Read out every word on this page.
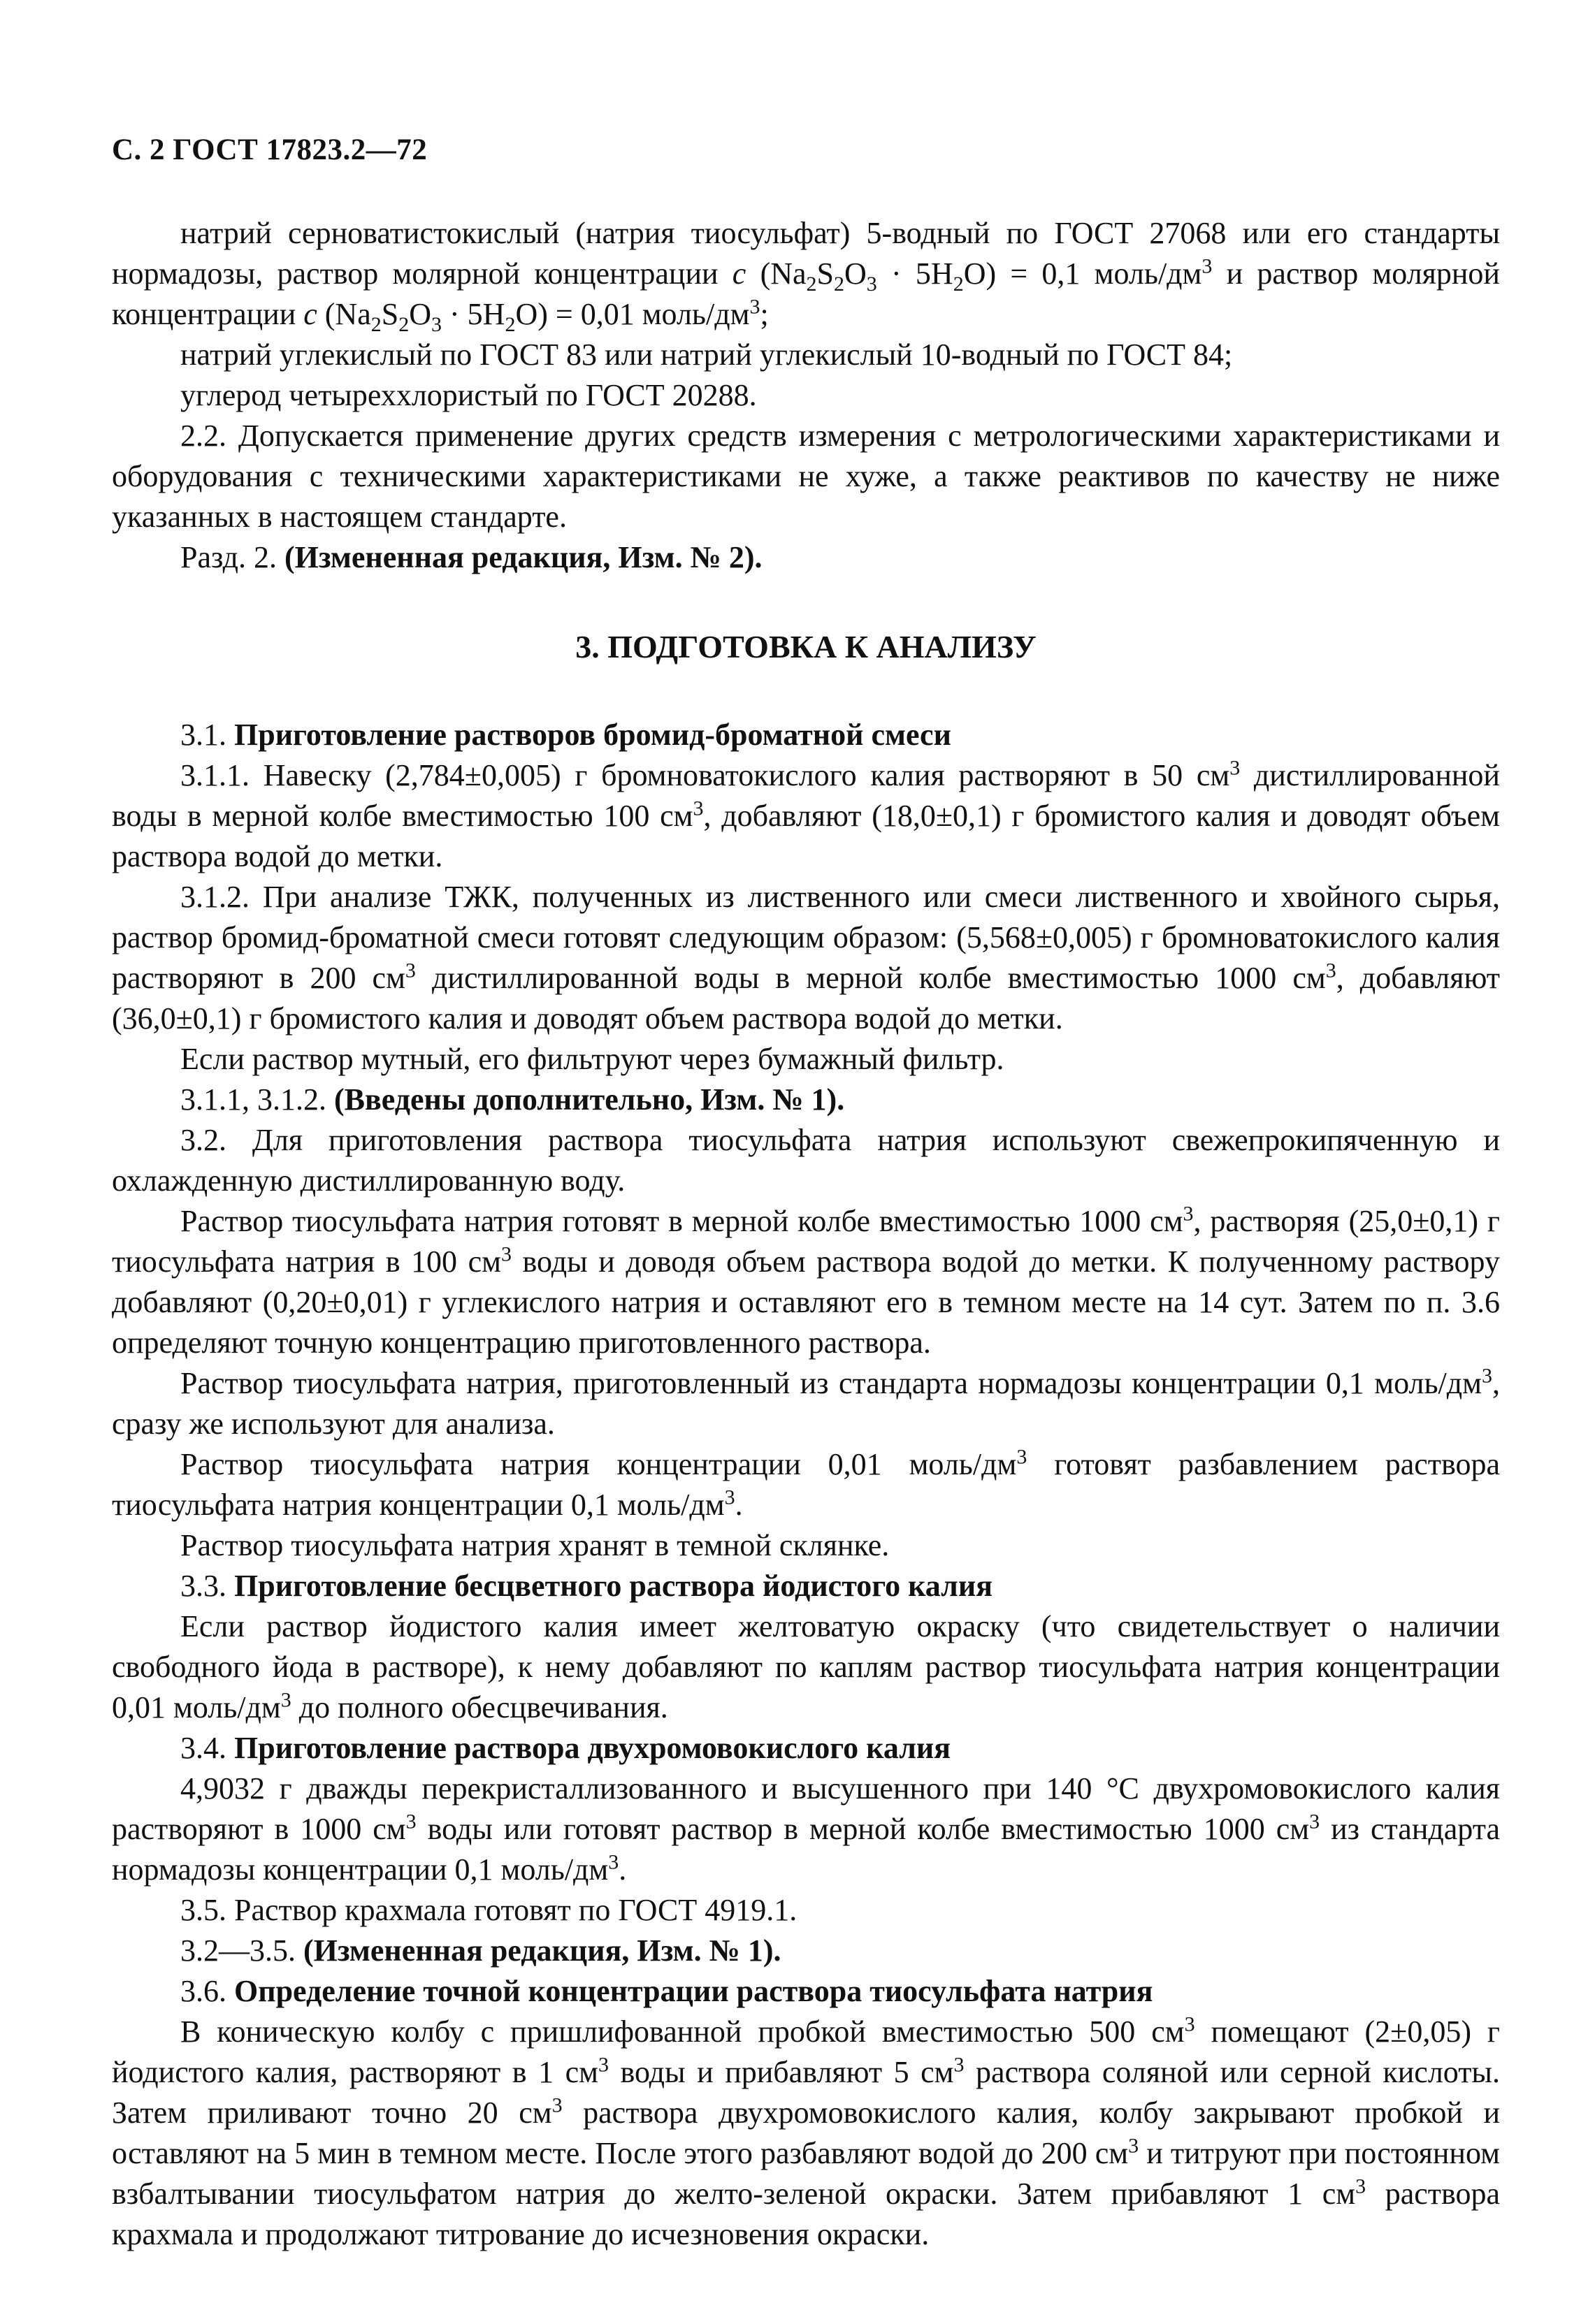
С. 2 ГОСТ 17823.2—72

натрий серноватистокислый (натрия тиосульфат) 5-водный по ГОСТ 27068 или его стандарты нормадозы, раствор молярной концентрации c $(Na_2S_2O_3 \cdot 5H_2O) = 0,1$ моль/$дм^3$ и раствор молярной концентрации c $(Na_2S_2O_3 \cdot 5H_2O) = 0,01$ моль/$дм^3$;

натрий углекислый по ГОСТ 83 или натрий углекислый 10-водный по ГОСТ 84;

углерод четыреххлористый по ГОСТ 20288.

2.2. Допускается применение других средств измерения с метрологическими характеристиками и оборудования с техническими характеристиками не хуже, а также реактивов по качеству не ниже указанных в настоящем стандарте.

Разд. 2. (Измененная редакция, Изм. № 2).

3. ПОДГОТОВКА К АНАЛИЗУ

3.1. Приготовление растворов бромид-броматной смеси

3.1.1. Навеску (2,784±0,005) г бромноватокислого калия растворяют в 50 $см^3$ дистиллированной воды в мерной колбе вместимостью 100 $см^3$, добавляют (18,0±0,1) г бромистого калия и доводят объем раствора водой до метки.

3.1.2. При анализе ТЖК, полученных из лиственного или смеси лиственного и хвойного сырья, раствор бромид-броматной смеси готовят следующим образом: (5,568±0,005) г бромноватокислого калия растворяют в 200 $см^3$ дистиллированной воды в мерной колбе вместимостью 1000 $см^3$, добавляют (36,0±0,1) г бромистого калия и доводят объем раствора водой до метки.

Если раствор мутный, его фильтруют через бумажный фильтр.

3.1.1, 3.1.2. (Введены дополнительно, Изм. № 1).

3.2. Для приготовления раствора тиосульфата натрия используют свежепрокипяченную и охлажденную дистиллированную воду.

Раствор тиосульфата натрия готовят в мерной колбе вместимостью 1000 $см^3$, растворяя (25,0±0,1) г тиосульфата натрия в 100 $см^3$ воды и доводя объем раствора водой до метки. К полученному раствору добавляют (0,20±0,01) г углекислого натрия и оставляют его в темном месте на 14 сут. Затем по п. 3.6 определяют точную концентрацию приготовленного раствора.

Раствор тиосульфата натрия, приготовленный из стандарта нормадозы концентрации 0,1 моль/$дм^3$, сразу же используют для анализа.

Раствор тиосульфата натрия концентрации 0,01 моль/$дм^3$ готовят разбавлением раствора тиосульфата натрия концентрации 0,1 моль/$дм^3$.

Раствор тиосульфата натрия хранят в темной склянке.

3.3. Приготовление бесцветного раствора йодистого калия

Если раствор йодистого калия имеет желтоватую окраску (что свидетельствует о наличии свободного йода в растворе), к нему добавляют по каплям раствор тиосульфата натрия концентрации 0,01 моль/$дм^3$ до полного обесцвечивания.

3.4. Приготовление раствора двухромовокислого калия

4,9032 г дважды перекристаллизованного и высушенного при 140 °С двухромовокислого калия растворяют в 1000 $см^3$ воды или готовят раствор в мерной колбе вместимостью 1000 $см^3$ из стандарта нормадозы концентрации 0,1 моль/$дм^3$.

3.5. Раствор крахмала готовят по ГОСТ 4919.1.

3.2—3.5. (Измененная редакция, Изм. № 1).

3.6. Определение точной концентрации раствора тиосульфата натрия

В коническую колбу с пришлифованной пробкой вместимостью 500 $см^3$ помещают (2±0,05) г йодистого калия, растворяют в 1 $см^3$ воды и прибавляют 5 $см^3$ раствора соляной или серной кислоты. Затем приливают точно 20 $см^3$ раствора двухромовокислого калия, колбу закрывают пробкой и оставляют на 5 мин в темном месте. После этого разбавляют водой до 200 $см^3$ и титруют при постоянном взбалтывании тиосульфатом натрия до желто-зеленой окраски. Затем прибавляют 1 $см^3$ раствора крахмала и продолжают титрование до исчезновения окраски.
